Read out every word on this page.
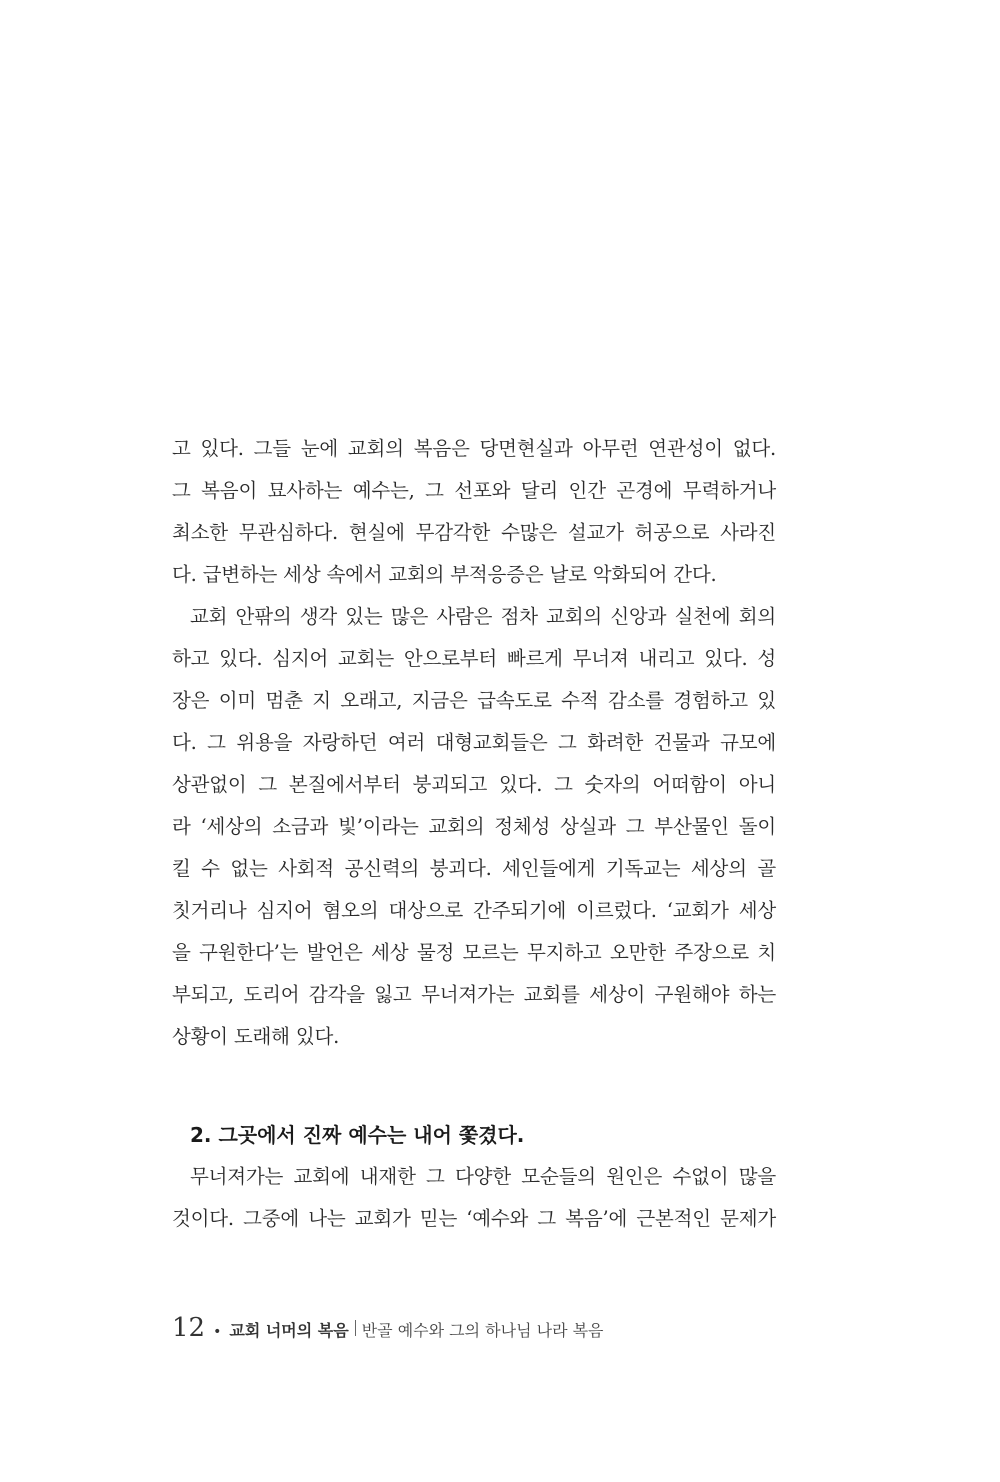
고 있다. 그들 눈에 교회의 복음은 당면현실과 아무런 연관성이 없다.
그 복음이 묘사하는 예수는, 그 선포와 달리 인간 곤경에 무력하거나
최소한 무관심하다. 현실에 무감각한 수많은 설교가 허공으로 사라진
다. 급변하는 세상 속에서 교회의 부적응증은 날로 악화되어 간다.
교회 안팎의 생각 있는 많은 사람은 점차 교회의 신앙과 실천에 회의
하고 있다. 심지어 교회는 안으로부터 빠르게 무너져 내리고 있다. 성
장은 이미 멈춘 지 오래고, 지금은 급속도로 수적 감소를 경험하고 있
다. 그 위용을 자랑하던 여러 대형교회들은 그 화려한 건물과 규모에
상관없이 그 본질에서부터 붕괴되고 있다. 그 숫자의 어떠함이 아니
라 ‘세상의 소금과 빛’이라는 교회의 정체성 상실과 그 부산물인 돌이
킬 수 없는 사회적 공신력의 붕괴다. 세인들에게 기독교는 세상의 골
칫거리나 심지어 혐오의 대상으로 간주되기에 이르렀다. ‘교회가 세상
을 구원한다’는 발언은 세상 물정 모르는 무지하고 오만한 주장으로 치
부되고, 도리어 감각을 잃고 무너져가는 교회를 세상이 구원해야 하는
상황이 도래해 있다.
2. 그곳에서 진짜 예수는 내어 쫓겼다.
무너져가는 교회에 내재한 그 다양한 모순들의 원인은 수없이 많을
것이다. 그중에 나는 교회가 믿는 ‘예수와 그 복음’에 근본적인 문제가
12 • 교회 너머의 복음 반골 예수와 그의 하나님 나라 복음
